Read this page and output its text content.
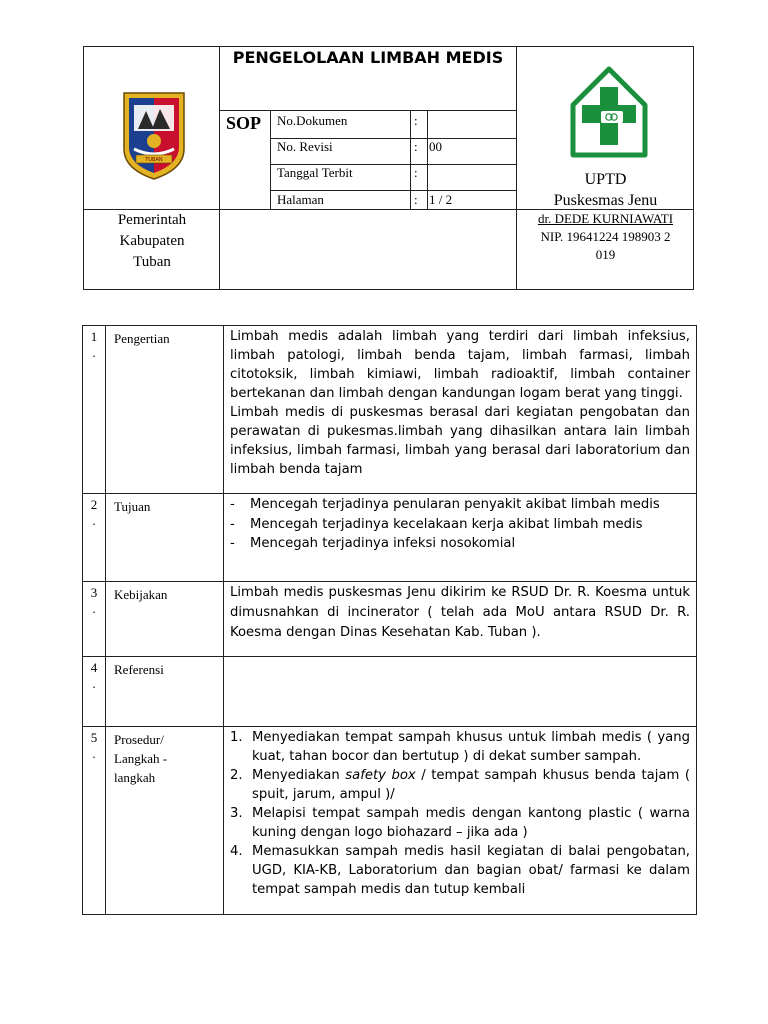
TUBAN
PENGELOLAAN LIMBAH MEDIS
SOP No.Dokumen	:
No. Revisi	: 00
Tanggal Terbit	:
Halaman	: 1 / 2
UPTD
Puskesmas Jenu
Pemerintah
Kabupaten
Tuban
dr. DEDE KURNIAWATI
NIP. 19641224 198903 2
019
1
.
Pengertian	Limbah medis adalah limbah yang terdiri dari limbah infeksius, limbah patologi, limbah benda tajam, limbah farmasi, limbah citotoksik, limbah kimiawi, limbah radioaktif, limbah container bertekanan dan limbah dengan kandungan logam berat yang tinggi.

Limbah medis di puskesmas berasal dari kegiatan pengobatan dan perawatan di pukesmas.limbah yang dihasilkan antara lain limbah infeksius, limbah farmasi, limbah yang berasal dari laboratorium dan limbah benda tajam

2
.
Tujuan
-	Mencegah terjadinya penularan penyakit akibat limbah medis
- Mencegah terjadinya kecelakaan kerja akibat limbah medis
- Mencegah terjadinya infeksi nosokomial
3
.
Kebijakan	Limbah medis puskesmas Jenu dikirim ke RSUD Dr. R. Koesma untuk dimusnahkan di incinerator ( telah ada MoU antara RSUD Dr. R. Koesma dengan Dinas Kesehatan Kab. Tuban ).

4
.
Referensi
5
.
Prosedur/
Langkah -
langkah
1. Menyediakan tempat sampah khusus untuk limbah medis ( yang kuat, tahan bocor dan bertutup ) di dekat sumber sampah.
2. Menyediakan safety box / tempat sampah khusus benda tajam ( spuit, jarum, ampul )/
3. Melapisi tempat sampah medis dengan kantong plastic ( warna kuning dengan logo biohazard – jika ada )
4. Memasukkan sampah medis hasil kegiatan di balai pengobatan, UGD, KIA-KB, Laboratorium dan bagian obat/ farmasi ke dalam tempat sampah medis dan tutup kembali
